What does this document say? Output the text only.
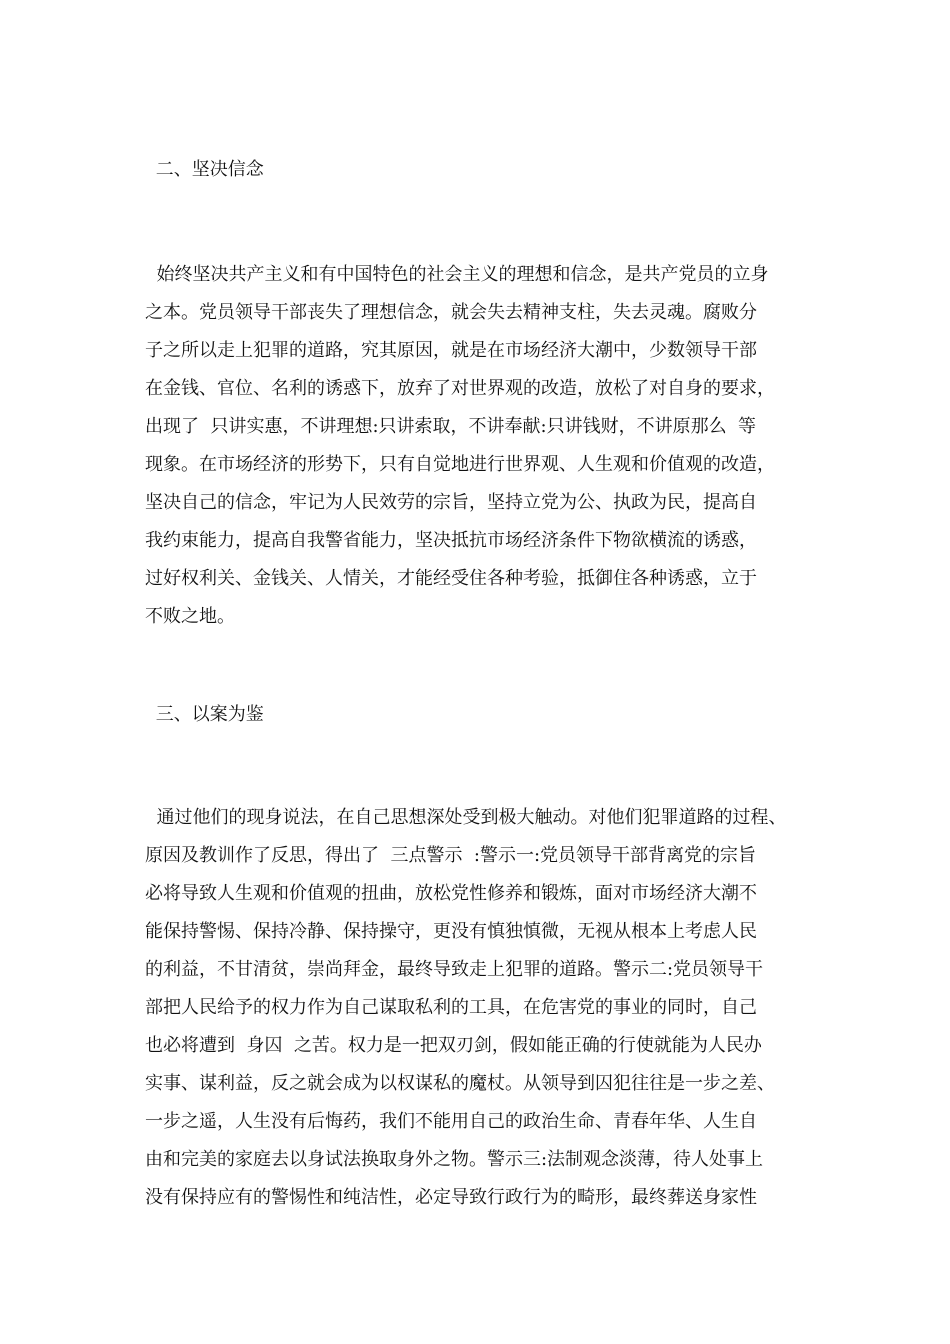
二、坚决信念
始终坚决共产主义和有中国特色的社会主义的理想和信念，是共产党员的立身
之本。党员领导干部丧失了理想信念，就会失去精神支柱，失去灵魂。腐败分
子之所以走上犯罪的道路，究其原因，就是在市场经济大潮中，少数领导干部
在金钱、官位、名利的诱惑下，放弃了对世界观的改造，放松了对自身的要求，
出现了  只讲实惠，不讲理想:只讲索取，不讲奉献:只讲钱财，不讲原那么  等
现象。在市场经济的形势下，只有自觉地进行世界观、人生观和价值观的改造，
坚决自己的信念，牢记为人民效劳的宗旨，坚持立党为公、执政为民，提高自
我约束能力，提高自我警省能力，坚决抵抗市场经济条件下物欲横流的诱惑，
过好权利关、金钱关、人情关，才能经受住各种考验，抵御住各种诱惑，立于
不败之地。
三、以案为鉴
通过他们的现身说法，在自己思想深处受到极大触动。对他们犯罪道路的过程、
原因及教训作了反思，得出了  三点警示  :警示一:党员领导干部背离党的宗旨
必将导致人生观和价值观的扭曲，放松党性修养和锻炼，面对市场经济大潮不
能保持警惕、保持冷静、保持操守，更没有慎独慎微，无视从根本上考虑人民
的利益，不甘清贫，崇尚拜金，最终导致走上犯罪的道路。警示二:党员领导干
部把人民给予的权力作为自己谋取私利的工具，在危害党的事业的同时，自己
也必将遭到  身囚  之苦。权力是一把双刃剑，假如能正确的行使就能为人民办
实事、谋利益，反之就会成为以权谋私的魔杖。从领导到囚犯往往是一步之差、
一步之遥，人生没有后悔药，我们不能用自己的政治生命、青春年华、人生自
由和完美的家庭去以身试法换取身外之物。警示三:法制观念淡薄，待人处事上
没有保持应有的警惕性和纯洁性，必定导致行政行为的畸形，最终葬送身家性
